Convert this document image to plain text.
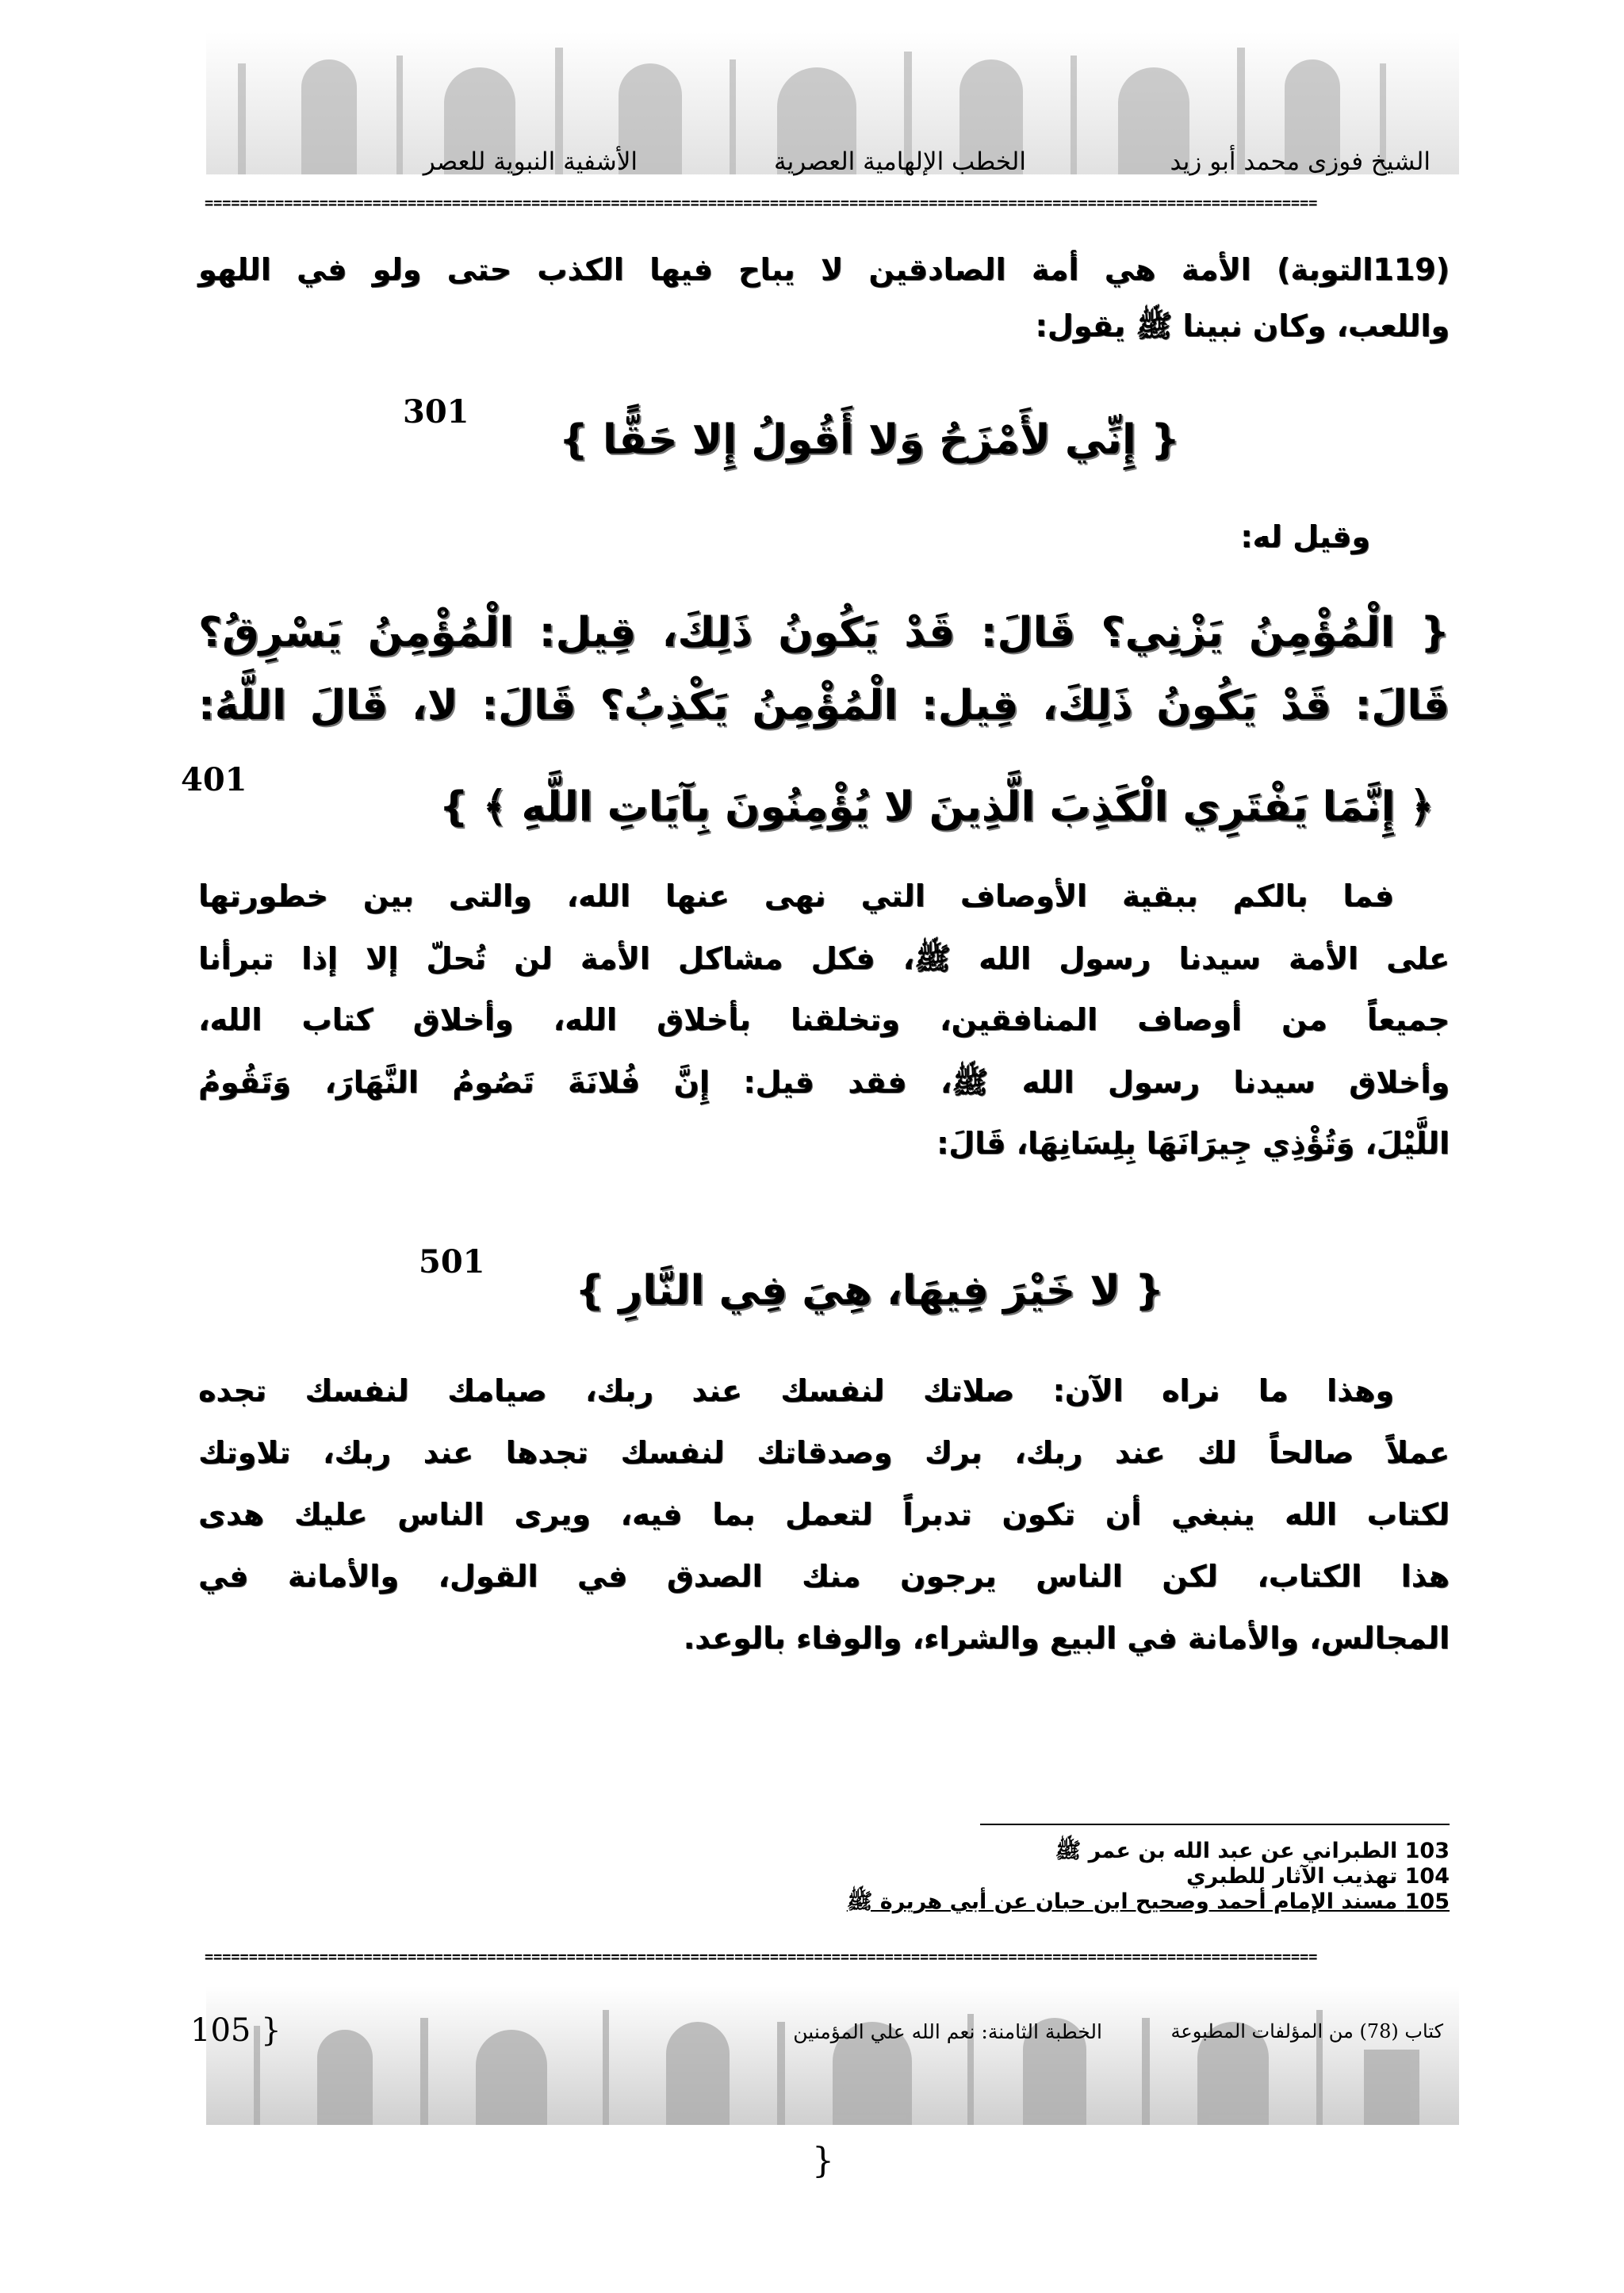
الشيخ فوزى محمد أبو زيد
الخطب الإلهامية العصرية
الأشفية النبوية للعصر
==============================================================================================================================
(119التوبة) الأمة هي أمة الصادقين لا يباح فيها الكذب حتى ولو في اللهو
واللعب، وكان نبينا ﷺ يقول:
301
{ إِنِّي لأَمْزَحُ وَلا أَقُولُ إِلا حَقًّا }
وقيل له:
{ الْمُؤْمِنُ يَزْنِي؟ قَالَ: قَدْ يَكُونُ ذَلِكَ، قِيل: الْمُؤْمِنُ يَسْرِقُ؟
قَالَ: قَدْ يَكُونُ ذَلِكَ، قِيل: الْمُؤْمِنُ يَكْذِبُ؟ قَالَ: لا، قَالَ اللَّهُ:
401
﴿ إِنَّمَا يَفْتَرِي الْكَذِبَ الَّذِينَ لا يُؤْمِنُونَ بِآيَاتِ اللَّهِ ﴾ }
فما بالكم ببقية الأوصاف التي نهى عنها الله، والتى بين خطورتها
على الأمة سيدنا رسول الله ﷺ، فكل مشاكل الأمة لن تُحلّ إلا إذا تبرأنا
جميعاً من أوصاف المنافقين، وتخلقنا بأخلاق الله، وأخلاق كتاب الله،
وأخلاق سيدنا رسول الله ﷺ، فقد قيل: إِنَّ فُلانَةَ تَصُومُ النَّهَارَ، وَتَقُومُ
اللَّيْلَ، وَتُؤْذِي جِيرَانَهَا بِلِسَانِهَا، قَالَ:
501
{ لا خَيْرَ فِيهَا، هِيَ فِي النَّارِ }
وهذا ما نراه الآن: صلاتك لنفسك عند ربك، صيامك لنفسك تجده
عملاً صالحاً لك عند ربك، برك وصدقاتك لنفسك تجدها عند ربك، تلاوتك
لكتاب الله ينبغي أن تكون تدبراً لتعمل بما فيه، ويرى الناس عليك هدى
هذا الكتاب، لكن الناس يرجون منك الصدق في القول، والأمانة في
المجالس، والأمانة في البيع والشراء، والوفاء بالوعد.
103 الطبراني عن عبد الله بن عمر ﷺ
104 تهذيب الآثار للطبري
105 مسند الإمام أحمد وصحيح ابن حبان عن أبي هريرة ﷺ
==============================================================================================================================
كتاب (78) من المؤلفات المطبوعة
الخطبة الثامنة: نعم الله علي المؤمنين
{ 105
}
